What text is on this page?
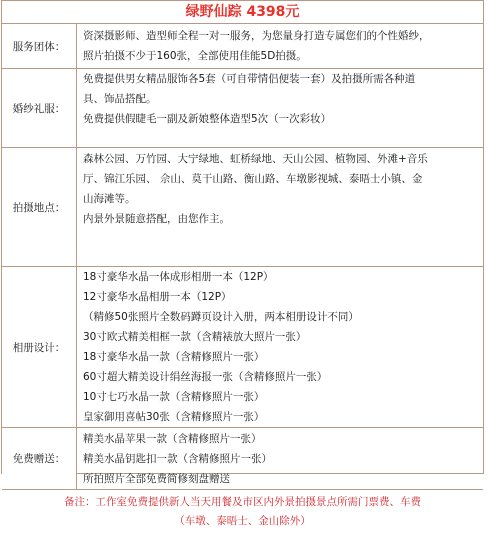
绿野仙踪 4398元
服务团体：
资深摄影师、造型师全程一对一服务，为您量身打造专属您们的个性婚纱，
照片拍摄不少于160张，全部使用佳能5D拍摄。
婚纱礼服：
免费提供男女精品服饰各5套（可自带情侣便装一套）及拍摄所需各种道
具、饰品搭配。
免费提供假睫毛一副及新娘整体造型5次（一次彩妆）
拍摄地点：
森林公园、万竹园、大宁绿地、虹桥绿地、天山公园、植物园、外滩+音乐
厅、锦江乐园、 佘山、莫干山路、衡山路、车墩影视城、泰晤士小镇、金
山海滩等。
内景外景随意搭配，由您作主。
相册设计：
18寸豪华水晶一体成形相册一本（12P）
12寸豪华水晶相册一本（12P）
（精修50张照片全数码蹲页设计入册，两本相册设计不同）
30寸欧式精美相框一款（含精裱放大照片一张）
18寸豪华水晶一款（含精修照片一张）
60寸超大精美设计绢丝海报一张（含精修照片一张）
10寸七巧水晶一款（含精修照片一张）
皇家御用喜帖30张（含精修照片一张）
免费赠送：
精美水晶苹果一款（含精修照片一张）
精美水晶钥匙扣一款（含精修照片一张）
所拍照片全部免费简修刻盘赠送
备注：工作室免费提供新人当天用餐及市区内外景拍摄景点所需门票费、车费
（车墩、泰晤士、金山除外）
